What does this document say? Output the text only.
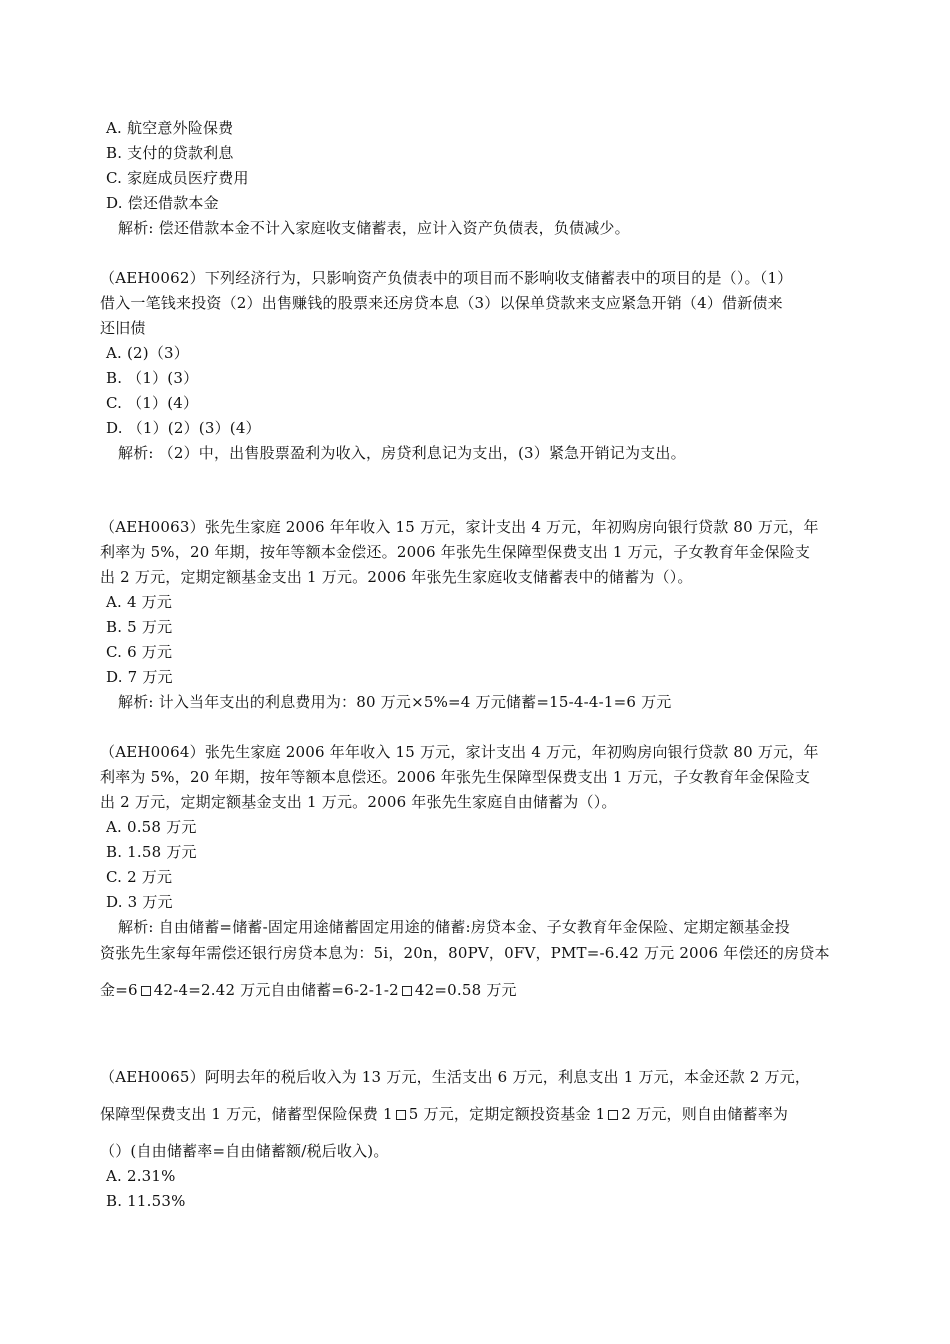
A. 航空意外险保费
B. 支付的贷款利息
C. 家庭成员医疗费用
D. 偿还借款本金
解析: 偿还借款本金不计入家庭收支储蓄表，应计入资产负债表，负债减少。
（AEH0062）下列经济行为，只影响资产负债表中的项目而不影响收支储蓄表中的项目的是（）。（1）
借入一笔钱来投资（2）出售赚钱的股票来还房贷本息（3）以保单贷款来支应紧急开销（4）借新债来
还旧债
A. (2)（3）
B. （1）(3）
C. （1）(4）
D. （1）(2）(3）(4）
解析: （2）中，出售股票盈利为收入，房贷利息记为支出，(3）紧急开销记为支出。
（AEH0063）张先生家庭 2006 年年收入 15 万元，家计支出 4 万元，年初购房向银行贷款 80 万元，年
利率为 5%，20 年期，按年等额本金偿还。2006 年张先生保障型保费支出 1 万元，子女教育年金保险支
出 2 万元，定期定额基金支出 1 万元。2006 年张先生家庭收支储蓄表中的储蓄为（）。
A. 4 万元
B. 5 万元
C. 6 万元
D. 7 万元
解析: 计入当年支出的利息费用为：80 万元×5%=4 万元储蓄=15-4-4-1=6 万元
（AEH0064）张先生家庭 2006 年年收入 15 万元，家计支出 4 万元，年初购房向银行贷款 80 万元，年
利率为 5%，20 年期，按年等额本息偿还。2006 年张先生保障型保费支出 1 万元，子女教育年金保险支
出 2 万元，定期定额基金支出 1 万元。2006 年张先生家庭自由储蓄为（）。
A. 0.58 万元
B. 1.58 万元
C. 2 万元
D. 3 万元
解析: 自由储蓄=储蓄-固定用途储蓄固定用途的储蓄:房贷本金、子女教育年金保险、定期定额基金投
资张先生家每年需偿还银行房贷本息为：5i，20n，80PV，0FV，PMT=-6.42 万元 2006 年偿还的房贷本
金=6 42-4=2.42 万元自由储蓄=6-2-1-2 42=0.58 万元
（AEH0065）阿明去年的税后收入为 13 万元，生活支出 6 万元，利息支出 1 万元，本金还款 2 万元，
保障型保费支出 1 万元，储蓄型保险保费 1 5 万元，定期定额投资基金 1 2 万元，则自由储蓄率为
（）(自由储蓄率=自由储蓄额/税后收入)。
A. 2.31%
B. 11.53%
